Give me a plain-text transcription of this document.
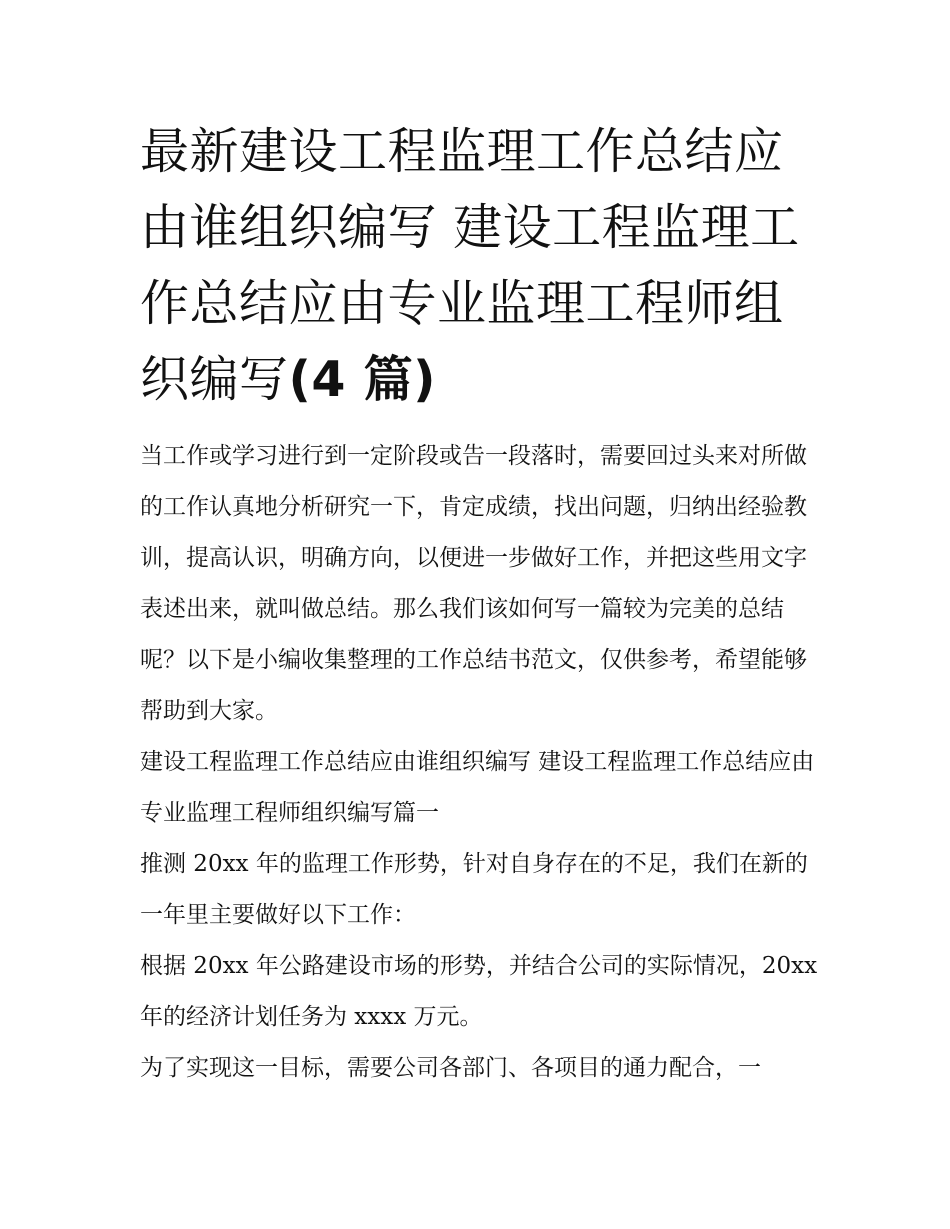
最新建设工程监理工作总结应由谁组织编写 建设工程监理工作总结应由专业监理工程师组织编写(4 篇)

当工作或学习进行到一定阶段或告一段落时，需要回过头来对所做的工作认真地分析研究一下，肯定成绩，找出问题，归纳出经验教训，提高认识，明确方向，以便进一步做好工作，并把这些用文字表述出来，就叫做总结。那么我们该如何写一篇较为完美的总结呢？以下是小编收集整理的工作总结书范文，仅供参考，希望能够帮助到大家。

建设工程监理工作总结应由谁组织编写 建设工程监理工作总结应由专业监理工程师组织编写篇一

推测 20xx 年的监理工作形势，针对自身存在的不足，我们在新的一年里主要做好以下工作：

根据 20xx 年公路建设市场的形势，并结合公司的实际情况，20xx 年的经济计划任务为 xxxx 万元。

为了实现这一目标，需要公司各部门、各项目的通力配合，一
